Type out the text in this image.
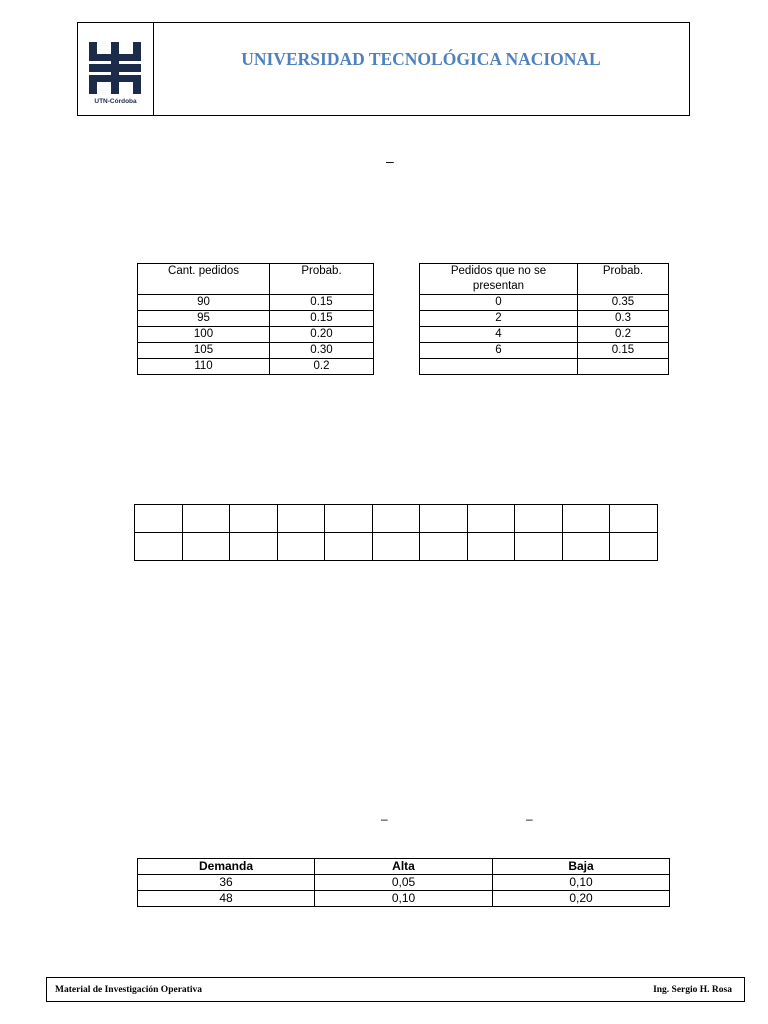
UTN-Córdoba
UNIVERSIDAD TECNOLÓGICA NACIONAL
–
Cant. pedidos	Probab.
90	0.15
95	0.15
100	0.20
105	0.30
110	0.2
Pedidos que no se presentan	Probab.
0	0.35
2	0.3
4	0.2
6	0.15

–	–
Demanda	Alta	Baja
36	0,05	0,10
48	0,10	0,20
Material de Investigación Operativa	Ing. Sergio H. Rosa
